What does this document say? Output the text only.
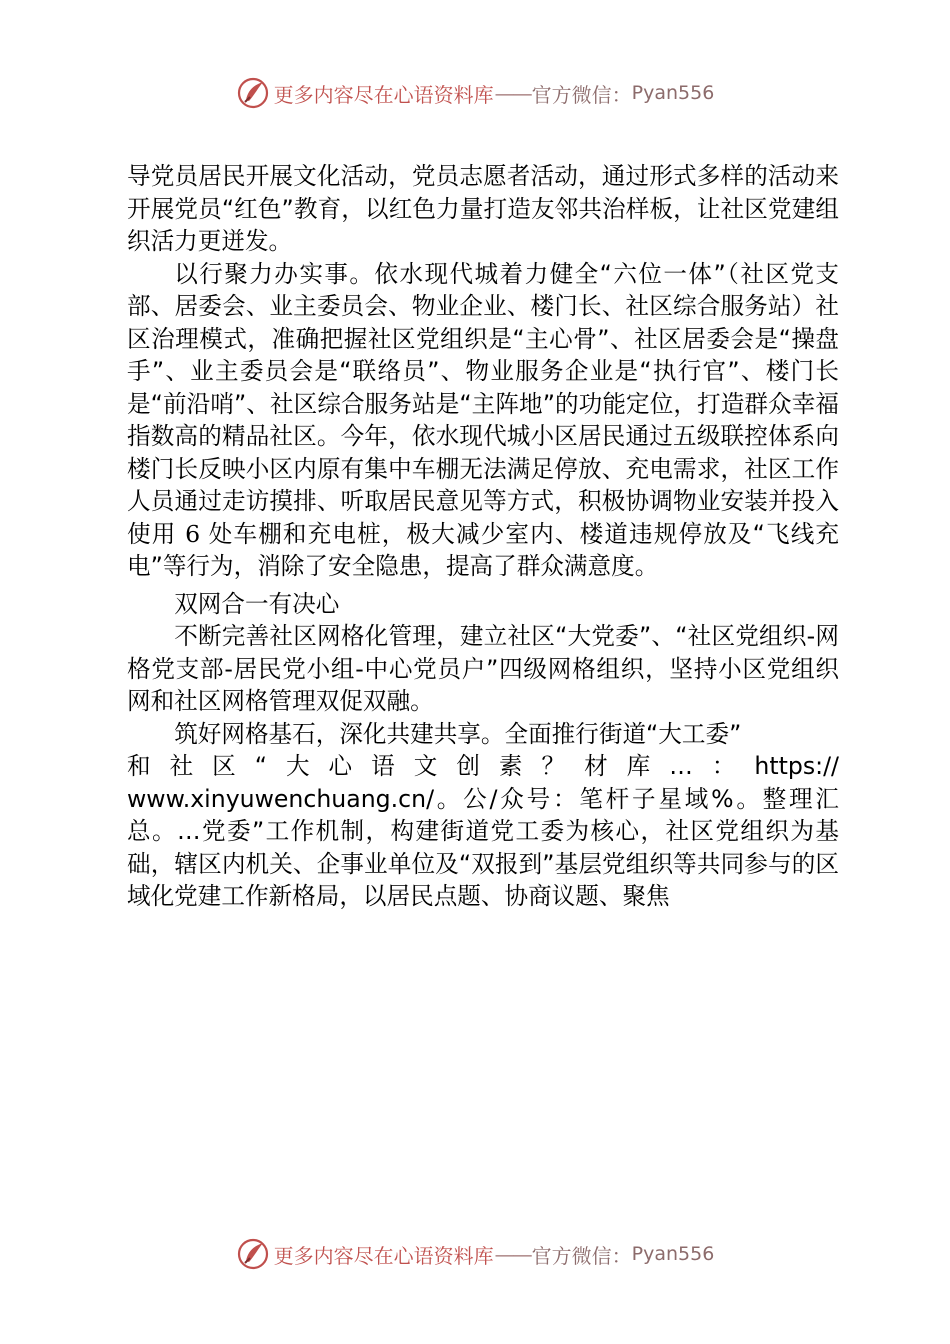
更多内容尽在心语资料库 —— 官方微信： Pyan556

导党员居民开展文化活动，党员志愿者活动，通过形式多样的活动来开展党员“红色”教育，以红色力量打造友邻共治样板，让社区党建组织活力更迸发。

以行聚力办实事。依水现代城着力健全“六位一体”（社区党支部、居委会、业主委员会、物业企业、楼门长、社区综合服务站）社区治理模式，准确把握社区党组织是“主心骨”、社区居委会是“操盘手”、业主委员会是“联络员”、物业服务企业是“执行官”、楼门长是“前沿哨”、社区综合服务站是“主阵地”的功能定位，打造群众幸福指数高的精品社区。今年，依水现代城小区居民通过五级联控体系向楼门长反映小区内原有集中车棚无法满足停放、充电需求，社区工作人员通过走访摸排、听取居民意见等方式，积极协调物业安装并投入使用 6 处车棚和充电桩，极大减少室内、楼道违规停放及“飞线充电”等行为，消除了安全隐患，提高了群众满意度。

双网合一有决心

不断完善社区网格化管理，建立社区“大党委”、“社区党组织-网格党支部-居民党小组-中心党员户”四级网格组织，坚持小区党组织网和社区网格管理双促双融。

筑好网格基石，深化共建共享。全面推行街道“大工委”

和社区“大心语文创素？材库…：https://

www.xinyuwenchuang.cn/。公/众号：笔杆子星域%。整理汇总。…党委”工作机制，构建街道党工委为核心，社区党组织为基础，辖区内机关、企事业单位及“双报到”基层党组织等共同参与的区域化党建工作新格局，以居民点题、协商议题、聚焦

更多内容尽在心语资料库 —— 官方微信： Pyan556
